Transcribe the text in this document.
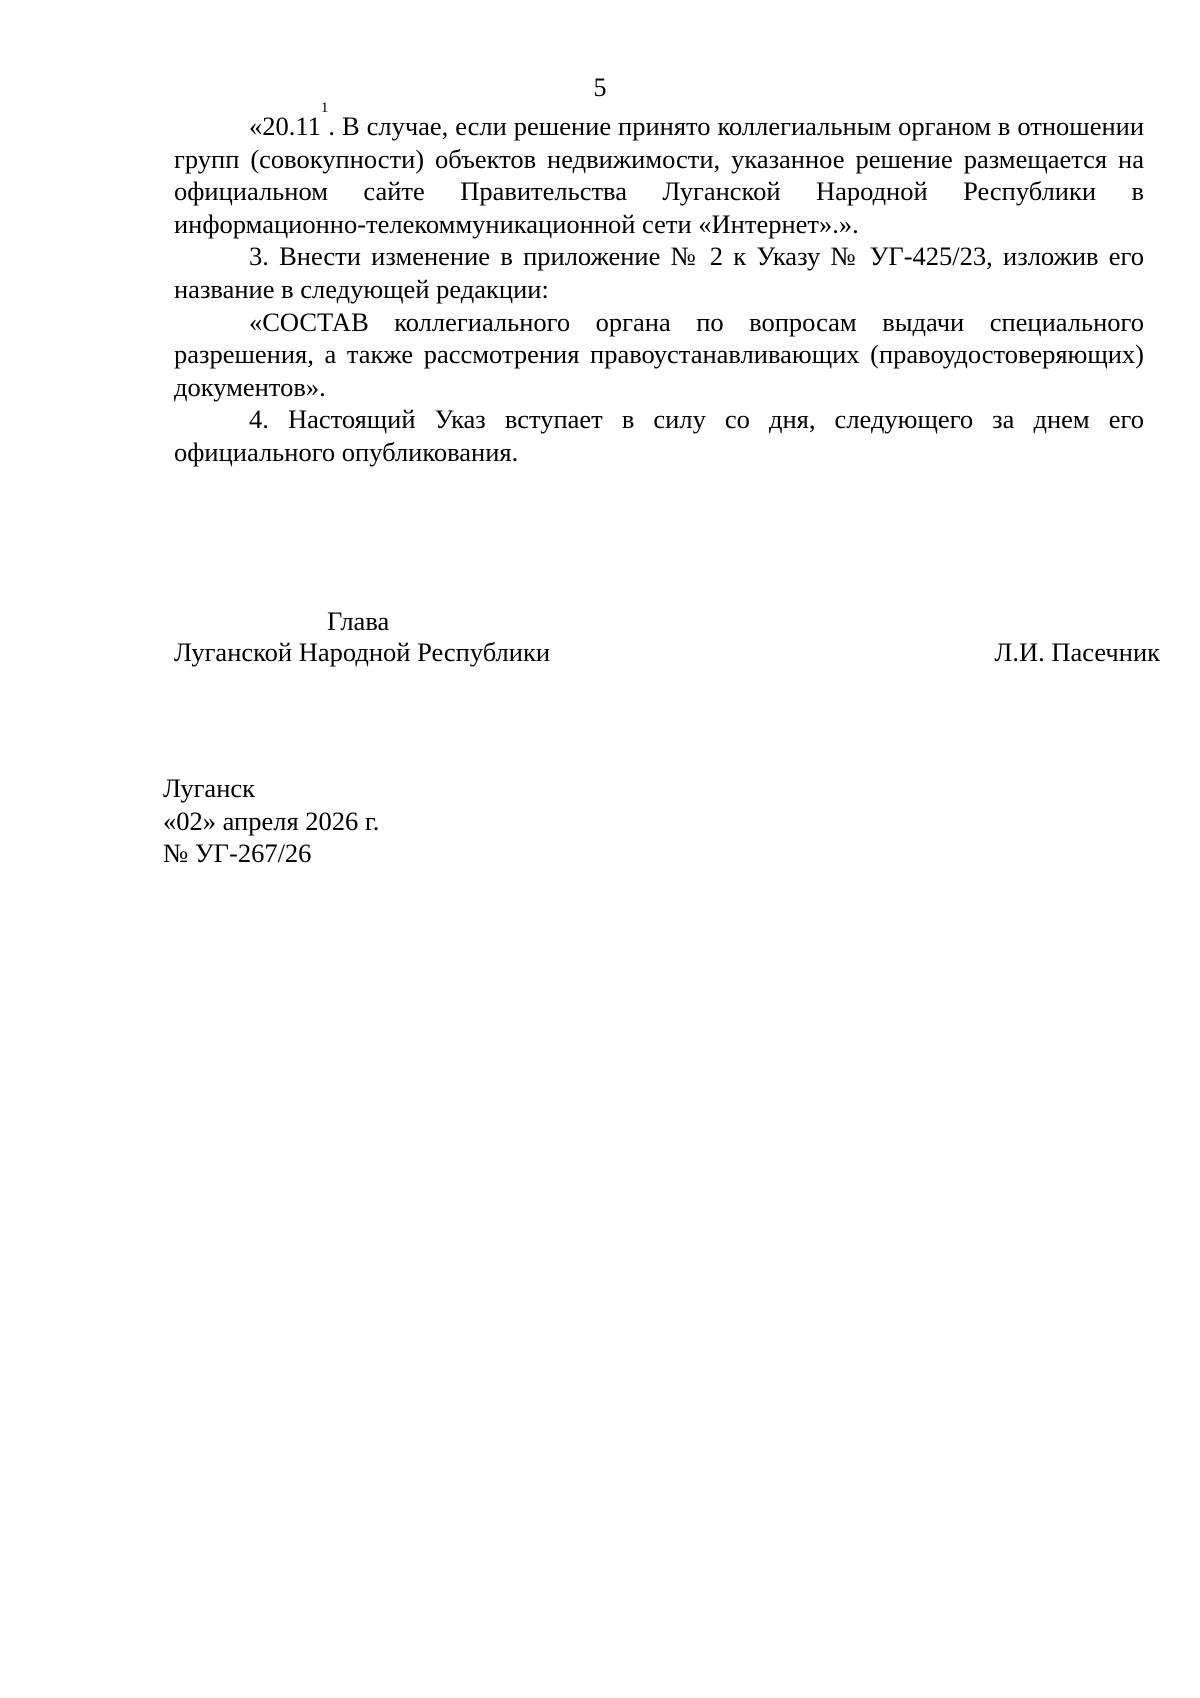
5

«20.11$^1$. В случае, если решение принято коллегиальным органом в отношении групп (совокупности) объектов недвижимости, указанное решение размещается на официальном сайте Правительства Луганской Народной Республики в информационно-телекоммуникационной сети «Интернет».».

3. Внести изменение в приложение № 2 к Указу № УГ-425/23, изложив его название в следующей редакции:

«СОСТАВ коллегиального органа по вопросам выдачи специального разрешения, а также рассмотрения правоустанавливающих (правоудостоверяющих) документов».

4. Настоящий Указ вступает в силу со дня, следующего за днем его официального опубликования.

Глава
Луганской Народной Республики	Л.И. Пасечник
Луганск
«02» апреля 2026 г.
№ УГ-267/26
